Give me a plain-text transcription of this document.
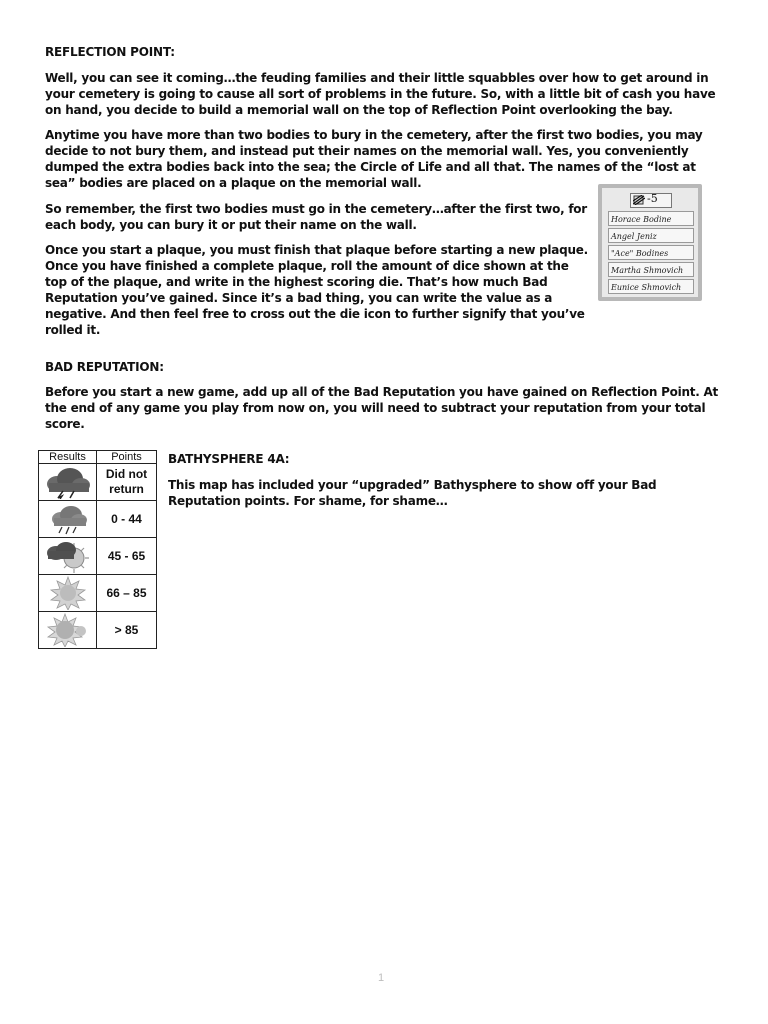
REFLECTION POINT:

Well, you can see it coming…the feuding families and their little squabbles over how to get around in your cemetery is going to cause all sort of problems in the future. So, with a little bit of cash you have on hand, you decide to build a memorial wall on the top of Reflection Point overlooking the bay.

Anytime you have more than two bodies to bury in the cemetery, after the first two bodies, you may decide to not bury them, and instead put their names on the memorial wall. Yes, you conveniently dumped the extra bodies back into the sea; the Circle of Life and all that. The names of the “lost at sea” bodies are placed on a plaque on the memorial wall.

So remember, the first two bodies must go in the cemetery…after the first two, for each body, you can bury it or put their name on the wall.

Once you start a plaque, you must finish that plaque before starting a new plaque. Once you have finished a complete plaque, roll the amount of dice shown at the top of the plaque, and write in the highest scoring die. That’s how much Bad Reputation you’ve gained. Since it’s a bad thing, you can write the value as a negative. And then feel free to cross out the die icon to further signify that you’ve rolled it.

-5
Horace Bodine
Angel Jeniz
"Ace" Bodines
Martha Shmovich
Eunice Shmovich
BAD REPUTATION:

Before you start a new game, add up all of the Bad Reputation you have gained on Reflection Point. At the end of any game you play from now on, you will need to subtract your reputation from your total score.

Results	Points

	Did not return

	0 - 44

	45 - 65

	66 – 85

	> 85
BATHYSPHERE 4A:

This map has included your “upgraded” Bathysphere to show off your Bad Reputation points. For shame, for shame…

1
